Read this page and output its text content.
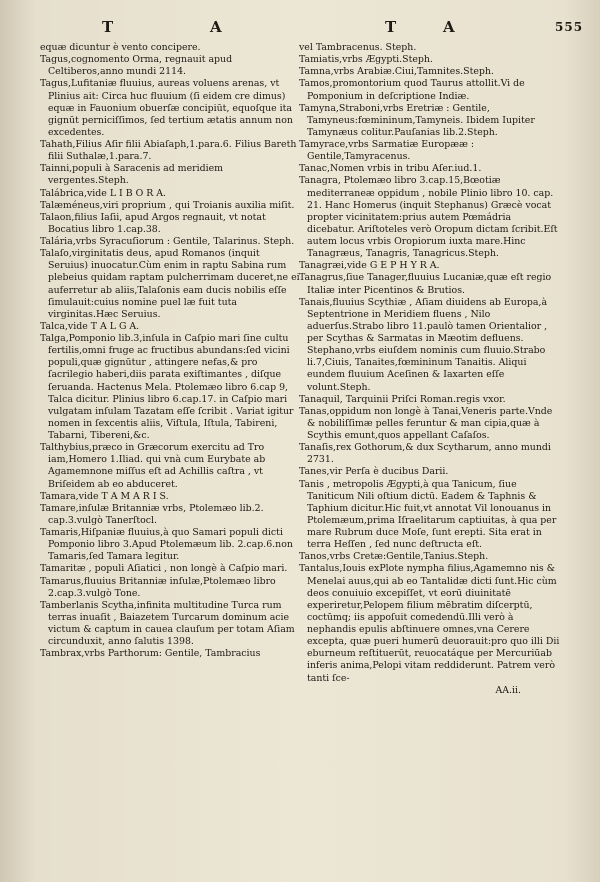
T	A	T	A	555

equæ dicuntur è vento concipere.

Tagus,cognomento Orma, regnauit apud Celtiberos,anno mundi 2114.

Tagus,Lufitaniæ fluuius, aureas voluens arenas, vt Plinius ait: Circa huc fluuium (ſi eidem cre dimus) equæ in Fauonium obuerſæ concipiūt, equoſque ita gignūt perniciſſimos, ſed tertium ætatis annum non excedentes.

Tahath,Filius Aſir filii Abiaſaph,1.para.6. Filius Bareth filii Suthalæ,1.para.7.

Tainni,populi à Saracenis ad meridiem vergentes.Steph.

Talábrica,vide L I B O R A.

Talæméneus,viri proprium , qui Troianis auxilia miſit.

Talaon,filius Iaſii, apud Argos regnauit, vt notat Bocatius libro 1.cap.38.

Talária,vrbs Syracuſiorum : Gentile, Talarinus. Steph.

Talaſo,virginitatis deus, apud Romanos (inquit Seruius) inuocatur.Cùm enim in raptu Sabina rum plebeius quidam raptam pulcherrimam duceret,ne ei auferretur ab aliis,Talaſonis eam ducis nobilis eſſe ſimulauit:cuius nomine puel læ fuit tuta virginitas.Hæc Seruius.

Talca,vide T A L G A.

Talga,Pomponio lib.3,inſula in Caſpio mari ſine cultu fertilis,omni fruge ac fructibus abundans:ſed vicini populi,quæ gignūtur , attingere nefas,& pro ſacrilegio haberi,diis parata exiſtimantes , diſque ſeruanda. Hactenus Mela. Ptolemæo libro 6.cap 9, Talca dicitur. Plinius libro 6.cap.17. in Caſpio mari vulgatam inſulam Tazatam eſſe ſcribit . Variat igitur nomen in ſexcentis aliis, Viſtula, Iſtula, Tabireni, Tabarni, Tibereni,&c.

Talthybius,præco in Græcorum exercitu ad Tro iam,Homero 1.Iliad. qui vnà cum Eurybate ab Agamemnone miſſus eſt ad Achillis caſtra , vt Briſeidem ab eo abduceret.

Tamara,vide T A M A R I S.

Tamare,inſulæ Britanniæ vrbs, Ptolemæo lib.2. cap.3.vulgò Tanerſtocl.

Tamaris,Hiſpaniæ fluuius,à quo Samari populi dicti Pomponio libro 3.Apud Ptolemæum lib. 2.cap.6.non Tamaris,ſed Tamara legitur.

Tamaritæ , populi Aſiatici , non longè à Caſpio mari.

Tamarus,fluuius Britanniæ inſulæ,Ptolemæo libro 2.cap.3.vulgò Tone.

Tamberlanis Scytha,infinita multitudine Turca rum terras inuaſit , Baiazetem Turcarum dominum acie victum & captum in cauea clauſum per totam Aſiam circunduxit, anno ſalutis 1398.

Tambrax,vrbs Parthorum: Gentile, Tambracius

vel Tambracenus. Steph.

Tamiatis,vrbs Ægypti.Steph.

Tamna,vrbs Arabiæ.Ciui,Tamnites.Steph.

Tamos,promontorium quod Taurus attollit.Vi de Pomponium in deſcriptione Indiæ.

Tamyna,Straboni,vrbs Eretriæ : Gentile, Tamyneus:fœmininum,Tamyneis. Ibidem Iupiter Tamynæus colitur.Pauſanias lib.2.Steph.

Tamyrace,vrbs Sarmatiæ Europææ : Gentile,Tamyracenus.

Tanac,Nomen vrbis in tribu Aſer.iud.1.

Tanagra, Ptolemæo libro 3.cap.15,Bœotiæ mediterraneæ oppidum , nobile Plinio libro 10. cap. 21. Hanc Homerus (inquit Stephanus) Græcè vocat propter vicinitatem:prius autem Pœmádria dicebatur. Ariſtoteles verò Oropum dictam ſcribit.Eſt autem locus vrbis Oropiorum iuxta mare.Hinc Tanagræus, Tanagris, Tanagricus.Steph.

Tanagræi,vide G E P H Y R A.

Tanagrus,ſiue Tanager,fluuius Lucaniæ,quæ eſt regio Italiæ inter Picentinos & Brutios.

Tanais,fluuius Scythiæ , Aſiam diuidens ab Europa,à Septentrione in Meridiem fluens , Nilo aduerſus.Strabo libro 11.paulò tamen Orientalior , per Scythas & Sarmatas in Mæotim defluens. Stephano,vrbs eiuſdem nominis cum fluuio.Strabo li.7,Ciuis, Tanaites,fœmininum Tanaitis. Aliqui eundem fluuium Aceſinen & Iaxarten eſſe volunt.Steph.

Tanaquil, Tarquinii Priſci Roman.regis vxor.

Tanas,oppidum non longè à Tanai,Veneris parte.Vnde & nobiliſſimæ pelles feruntur & man cipia,quæ à Scythis emunt,quos appellant Caſaſos.

Tanaſis,rex Gothorum,& dux Scytharum, anno mundi 2731.

Tanes,vir Perſa è ducibus Darii.

Tanis , metropolis Ægypti,à qua Tanicum, ſiue Taniticum Nili oſtium dictū. Eadem & Taphnis & Taphium dicitur.Hic fuit,vt annotat Vil lonouanus in Ptolemæum,prima Iſraelitarum captiuitas, à qua per mare Rubrum duce Moſe, ſunt erepti. Sita erat in terra Heſſen , ſed nunc deſtructa eſt.

Tanos,vrbs Cretæ:Gentile,Tanius.Steph.

Tantalus,Iouis exPlote nympha filius,Agamemno nis & Menelai auus,qui ab eo Tantalidæ dicti ſunt.Hic cùm deos conuiuio excepiſſet, vt eorū diuinitatē experiretur,Pelopem filium mēbratim diſcerptū, coctūmq; iis appoſuit comedendū.Illi verò à nephandis epulis abſtinuere omnes,vna Cerere excepta, quæ pueri humerū deuorauit:pro quo illi Dii eburneum reſtituerūt, reuocatáque per Mercuriūab inferis anima,Pelopi vitam reddiderunt. Patrem verò tanti ſce-

AA.ii.
